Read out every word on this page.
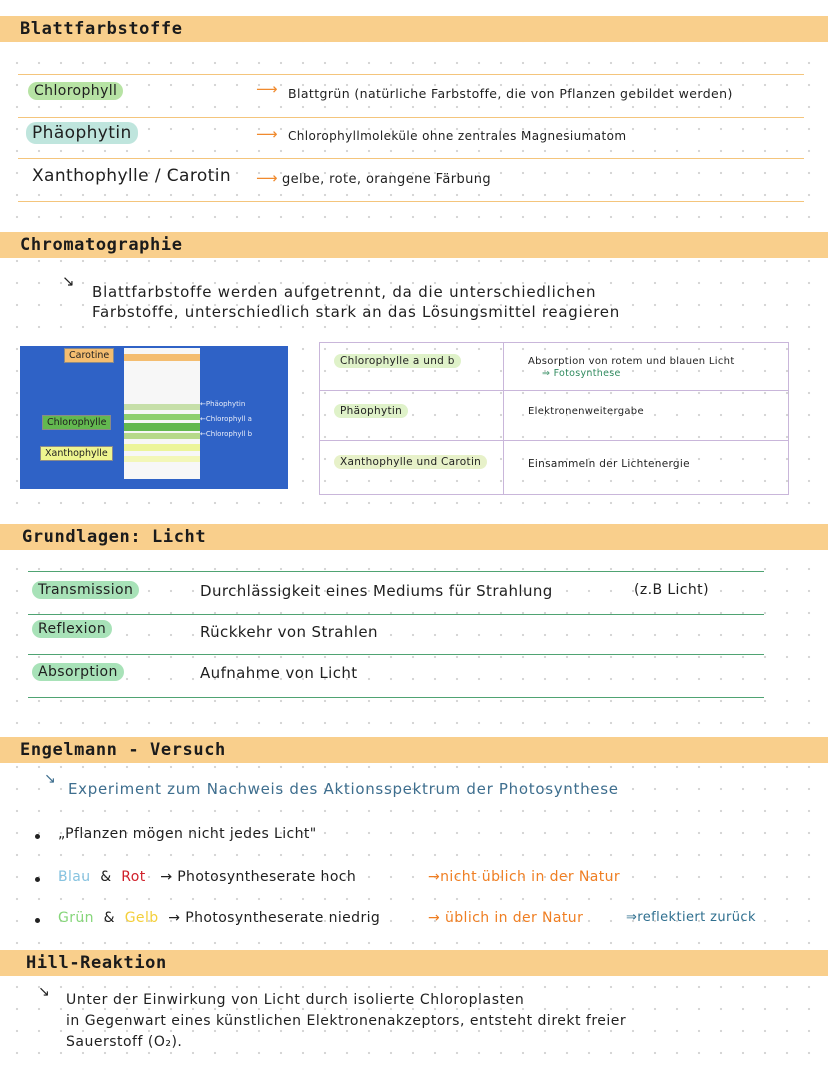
Blattfarbstoffe
Chlorophyll	⟶ Blattgrün (natürliche Farbstoffe, die von Pflanzen gebildet werden)
Phäophytin	⟶ Chlorophyllmoleküle ohne zentrales Magnesiumatom
Xanthophylle / Carotin ⟶ gelbe, rote, orangene Färbung
Chromatographie
↘
Blattfarbstoffe werden aufgetrennt, da die unterschiedlichen
Farbstoffe, unterschiedlich stark an das Lösungsmittel reagieren
Carotine
Chlorophylle
Xanthophylle
←Phäophytin
←Chlorophyll a
←Chlorophyll b
Chlorophylle a und b	Absorption von rotem und blauen Licht
⇒ Fotosynthese
Phäophytin	Elektronenweitergabe
Xanthophylle und Carotin	Einsammeln der Lichtenergie
Grundlagen: Licht
Transmission	Durchlässigkeit eines Mediums für Strahlung	(z.B Licht)
Reflexion	Rückkehr von Strahlen
Absorption	Aufnahme von Licht
Engelmann - Versuch
↘
Experiment zum Nachweis des Aktionsspektrum der Photosynthese
„Pflanzen mögen nicht jedes Licht"
Blau & Rot → Photosyntheserate hoch	→nicht üblich in der Natur
Grün & Gelb → Photosyntheserate niedrig	→ üblich in der Natur	⇒reflektiert zurück
Hill-Reaktion
↘ Unter der Einwirkung von Licht durch isolierte Chloroplasten
in Gegenwart eines künstlichen Elektronenakzeptors, entsteht direkt freier
Sauerstoff (O₂).
